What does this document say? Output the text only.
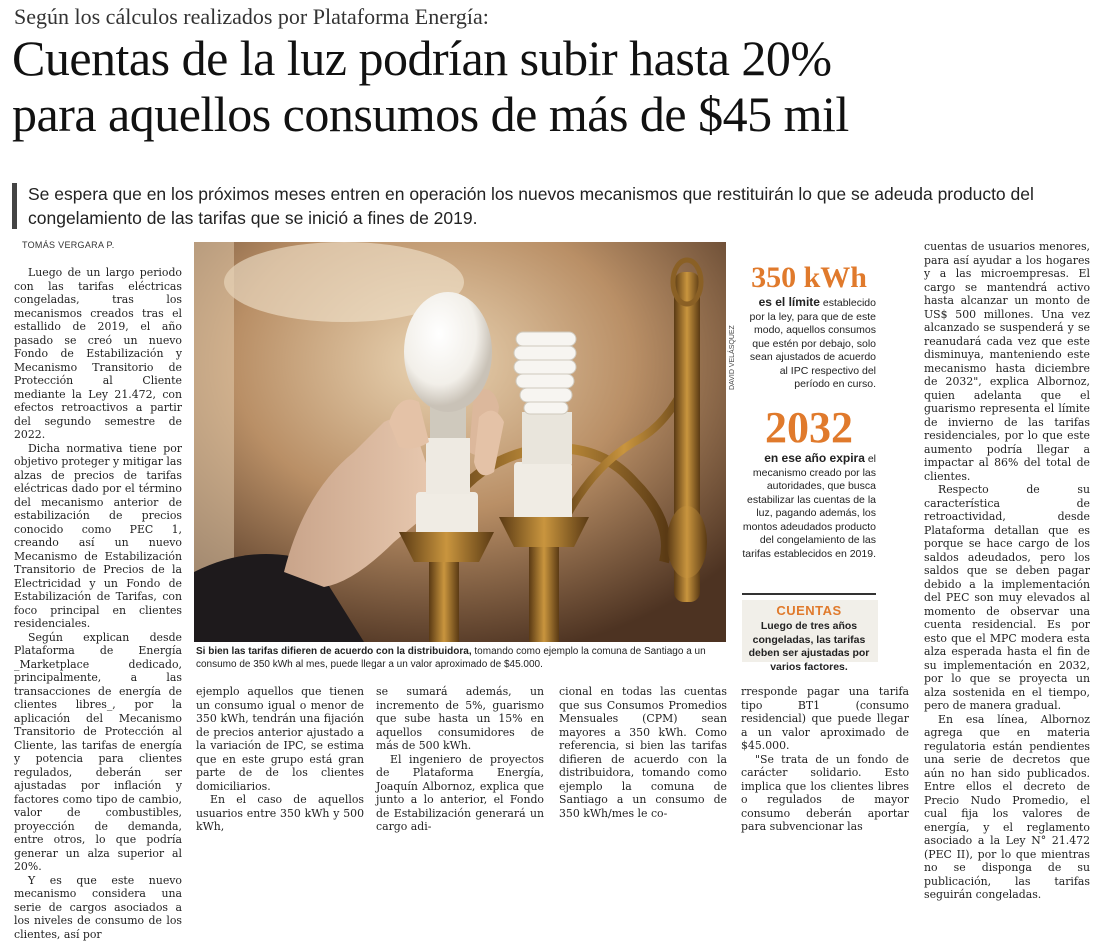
Según los cálculos realizados por Plataforma Energía:
Cuentas de la luz podrían subir hasta 20%
para aquellos consumos de más de $45 mil
Se espera que en los próximos meses entren en operación los nuevos mecanismos que restituirán lo que se adeuda producto del congelamiento de las tarifas que se inició a fines de 2019.
TOMÁS VERGARA P.

Luego de un largo periodo con las tarifas eléctricas congeladas, tras los mecanismos creados tras el estallido de 2019, el año pasado se creó un nuevo Fondo de Estabilización y Mecanismo Transitorio de Protección al Cliente mediante la Ley 21.472, con efectos retroactivos a partir del segundo semestre de 2022.

Dicha normativa tiene por objetivo proteger y mitigar las alzas de precios de tarifas eléctricas dado por el término del mecanismo anterior de estabilización de precios conocido como PEC 1, creando así un nuevo Mecanismo de Estabilización Transitorio de Precios de la Electricidad y un Fondo de Estabilización de Tarifas, con foco principal en clientes residenciales.

Según explican desde Plataforma de Energía _Marketplace dedicado, principalmente, a las transacciones de energía de clientes libres_, por la aplicación del Mecanismo Transitorio de Protección al Cliente, las tarifas de energía y potencia para clientes regulados, deberán ser ajustadas por inflación y factores como tipo de cambio, valor de combustibles, proyección de demanda, entre otros, lo que podría generar un alza superior al 20%.

Y es que este nuevo mecanismo considera una serie de cargos asociados a los niveles de consumo de los clientes, así por

DAVID VELÁSQUEZ
Si bien las tarifas difieren de acuerdo con la distribuidora, tomando como ejemplo la comuna de Santiago a un consumo de 350 kWh al mes, puede llegar a un valor aproximado de $45.000.
350 kWh
es el límite establecido por la ley, para que de este modo, aquellos consumos que estén por debajo, solo sean ajustados de acuerdo al IPC respectivo del período en curso.
2032
en ese año expira el mecanismo creado por las autoridades, que busca estabilizar las cuentas de la luz, pagando además, los montos adeudados producto del congelamiento de las tarifas establecidos en 2019.
CUENTAS
Luego de tres años congeladas, las tarifas deben ser ajustadas por varios factores.

ejemplo aquellos que tienen un consumo igual o menor de 350 kWh, tendrán una fijación de precios anterior ajustado a la variación de IPC, se estima que en este grupo está gran parte de de los clientes domiciliarios.

En el caso de aquellos usuarios entre 350 kWh y 500 kWh,

se sumará además, un incremento de 5%, guarismo que sube hasta un 15% en aquellos consumidores de más de 500 kWh.

El ingeniero de proyectos de Plataforma Energía, Joaquín Albornoz, explica que junto a lo anterior, el Fondo de Estabilización generará un cargo adi-

cional en todas las cuentas que sus Consumos Promedios Mensuales (CPM) sean mayores a 350 kWh. Como referencia, si bien las tarifas difieren de acuerdo con la distribuidora, tomando como ejemplo la comuna de Santiago a un consumo de 350 kWh/mes le co-

rresponde pagar una tarifa tipo BT1 (consumo residencial) que puede llegar a un valor aproximado de $45.000.

"Se trata de un fondo de carácter solidario. Esto implica que los clientes libres o regulados de mayor consumo deberán aportar para subvencionar las

cuentas de usuarios menores, para así ayudar a los hogares y a las microempresas. El cargo se mantendrá activo hasta alcanzar un monto de US$ 500 millones. Una vez alcanzado se suspenderá y se reanudará cada vez que este disminuya, manteniendo este mecanismo hasta diciembre de 2032", explica Albornoz, quien adelanta que el guarismo representa el límite de invierno de las tarifas residenciales, por lo que este aumento podría llegar a impactar al 86% del total de clientes.

Respecto de su característica de retroactividad, desde Plataforma detallan que es porque se hace cargo de los saldos adeudados, pero los saldos que se deben pagar debido a la implementación del PEC son muy elevados al momento de observar una cuenta residencial. Es por esto que el MPC modera esta alza esperada hasta el fin de su implementación en 2032, por lo que se proyecta un alza sostenida en el tiempo, pero de manera gradual.

En esa línea, Albornoz agrega que en materia regulatoria están pendientes una serie de decretos que aún no han sido publicados. Entre ellos el decreto de Precio Nudo Promedio, el cual fija los valores de energía, y el reglamento asociado a la Ley N° 21.472 (PEC II), por lo que mientras no se disponga de su publicación, las tarifas seguirán congeladas.
